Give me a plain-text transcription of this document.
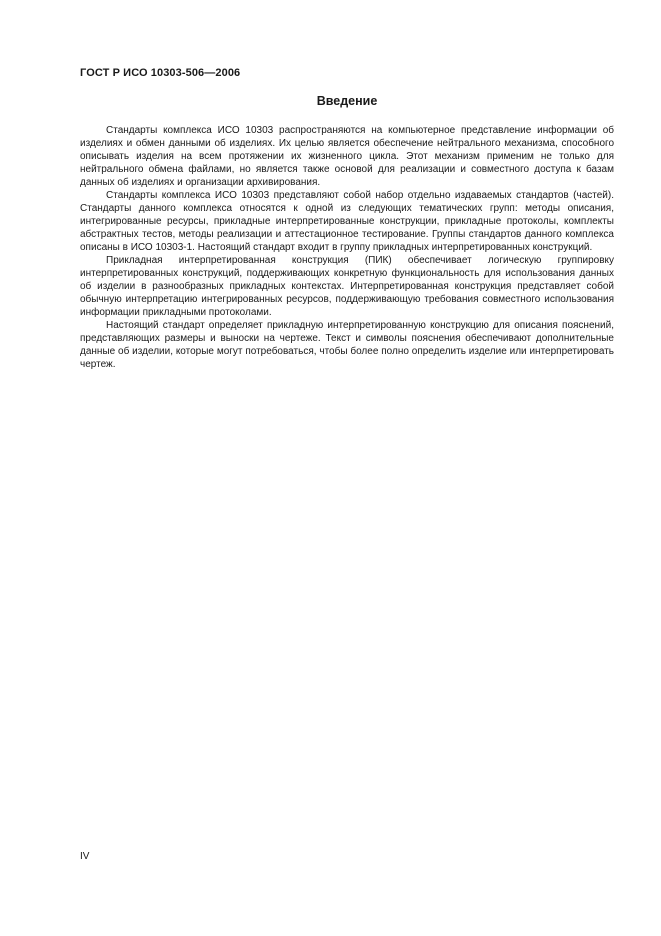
ГОСТ Р ИСО 10303-506—2006
Введение

Стандарты комплекса ИСО 10303 распространяются на компьютерное представление информации об изделиях и обмен данными об изделиях. Их целью является обеспечение нейтрального механизма, способного описывать изделия на всем протяжении их жизненного цикла. Этот механизм применим не только для нейтрального обмена файлами, но является также основой для реализации и совместного доступа к базам данных об изделиях и организации архивирования.

Стандарты комплекса ИСО 10303 представляют собой набор отдельно издаваемых стандартов (частей). Стандарты данного комплекса относятся к одной из следующих тематических групп: методы описания, интегрированные ресурсы, прикладные интерпретированные конструкции, прикладные протоколы, комплекты абстрактных тестов, методы реализации и аттестационное тестирование. Группы стандартов данного комплекса описаны в ИСО 10303-1. Настоящий стандарт входит в группу прикладных интерпретированных конструкций.

Прикладная интерпретированная конструкция (ПИК) обеспечивает логическую группировку интерпретированных конструкций, поддерживающих конкретную функциональность для использования данных об изделии в разнообразных прикладных контекстах. Интерпретированная конструкция представляет собой обычную интерпретацию интегрированных ресурсов, поддерживающую требования совместного использования информации прикладными протоколами.

Настоящий стандарт определяет прикладную интерпретированную конструкцию для описания пояснений, представляющих размеры и выноски на чертеже. Текст и символы пояснения обеспечивают дополнительные данные об изделии, которые могут потребоваться, чтобы более полно определить изделие или интерпретировать чертеж.

IV
